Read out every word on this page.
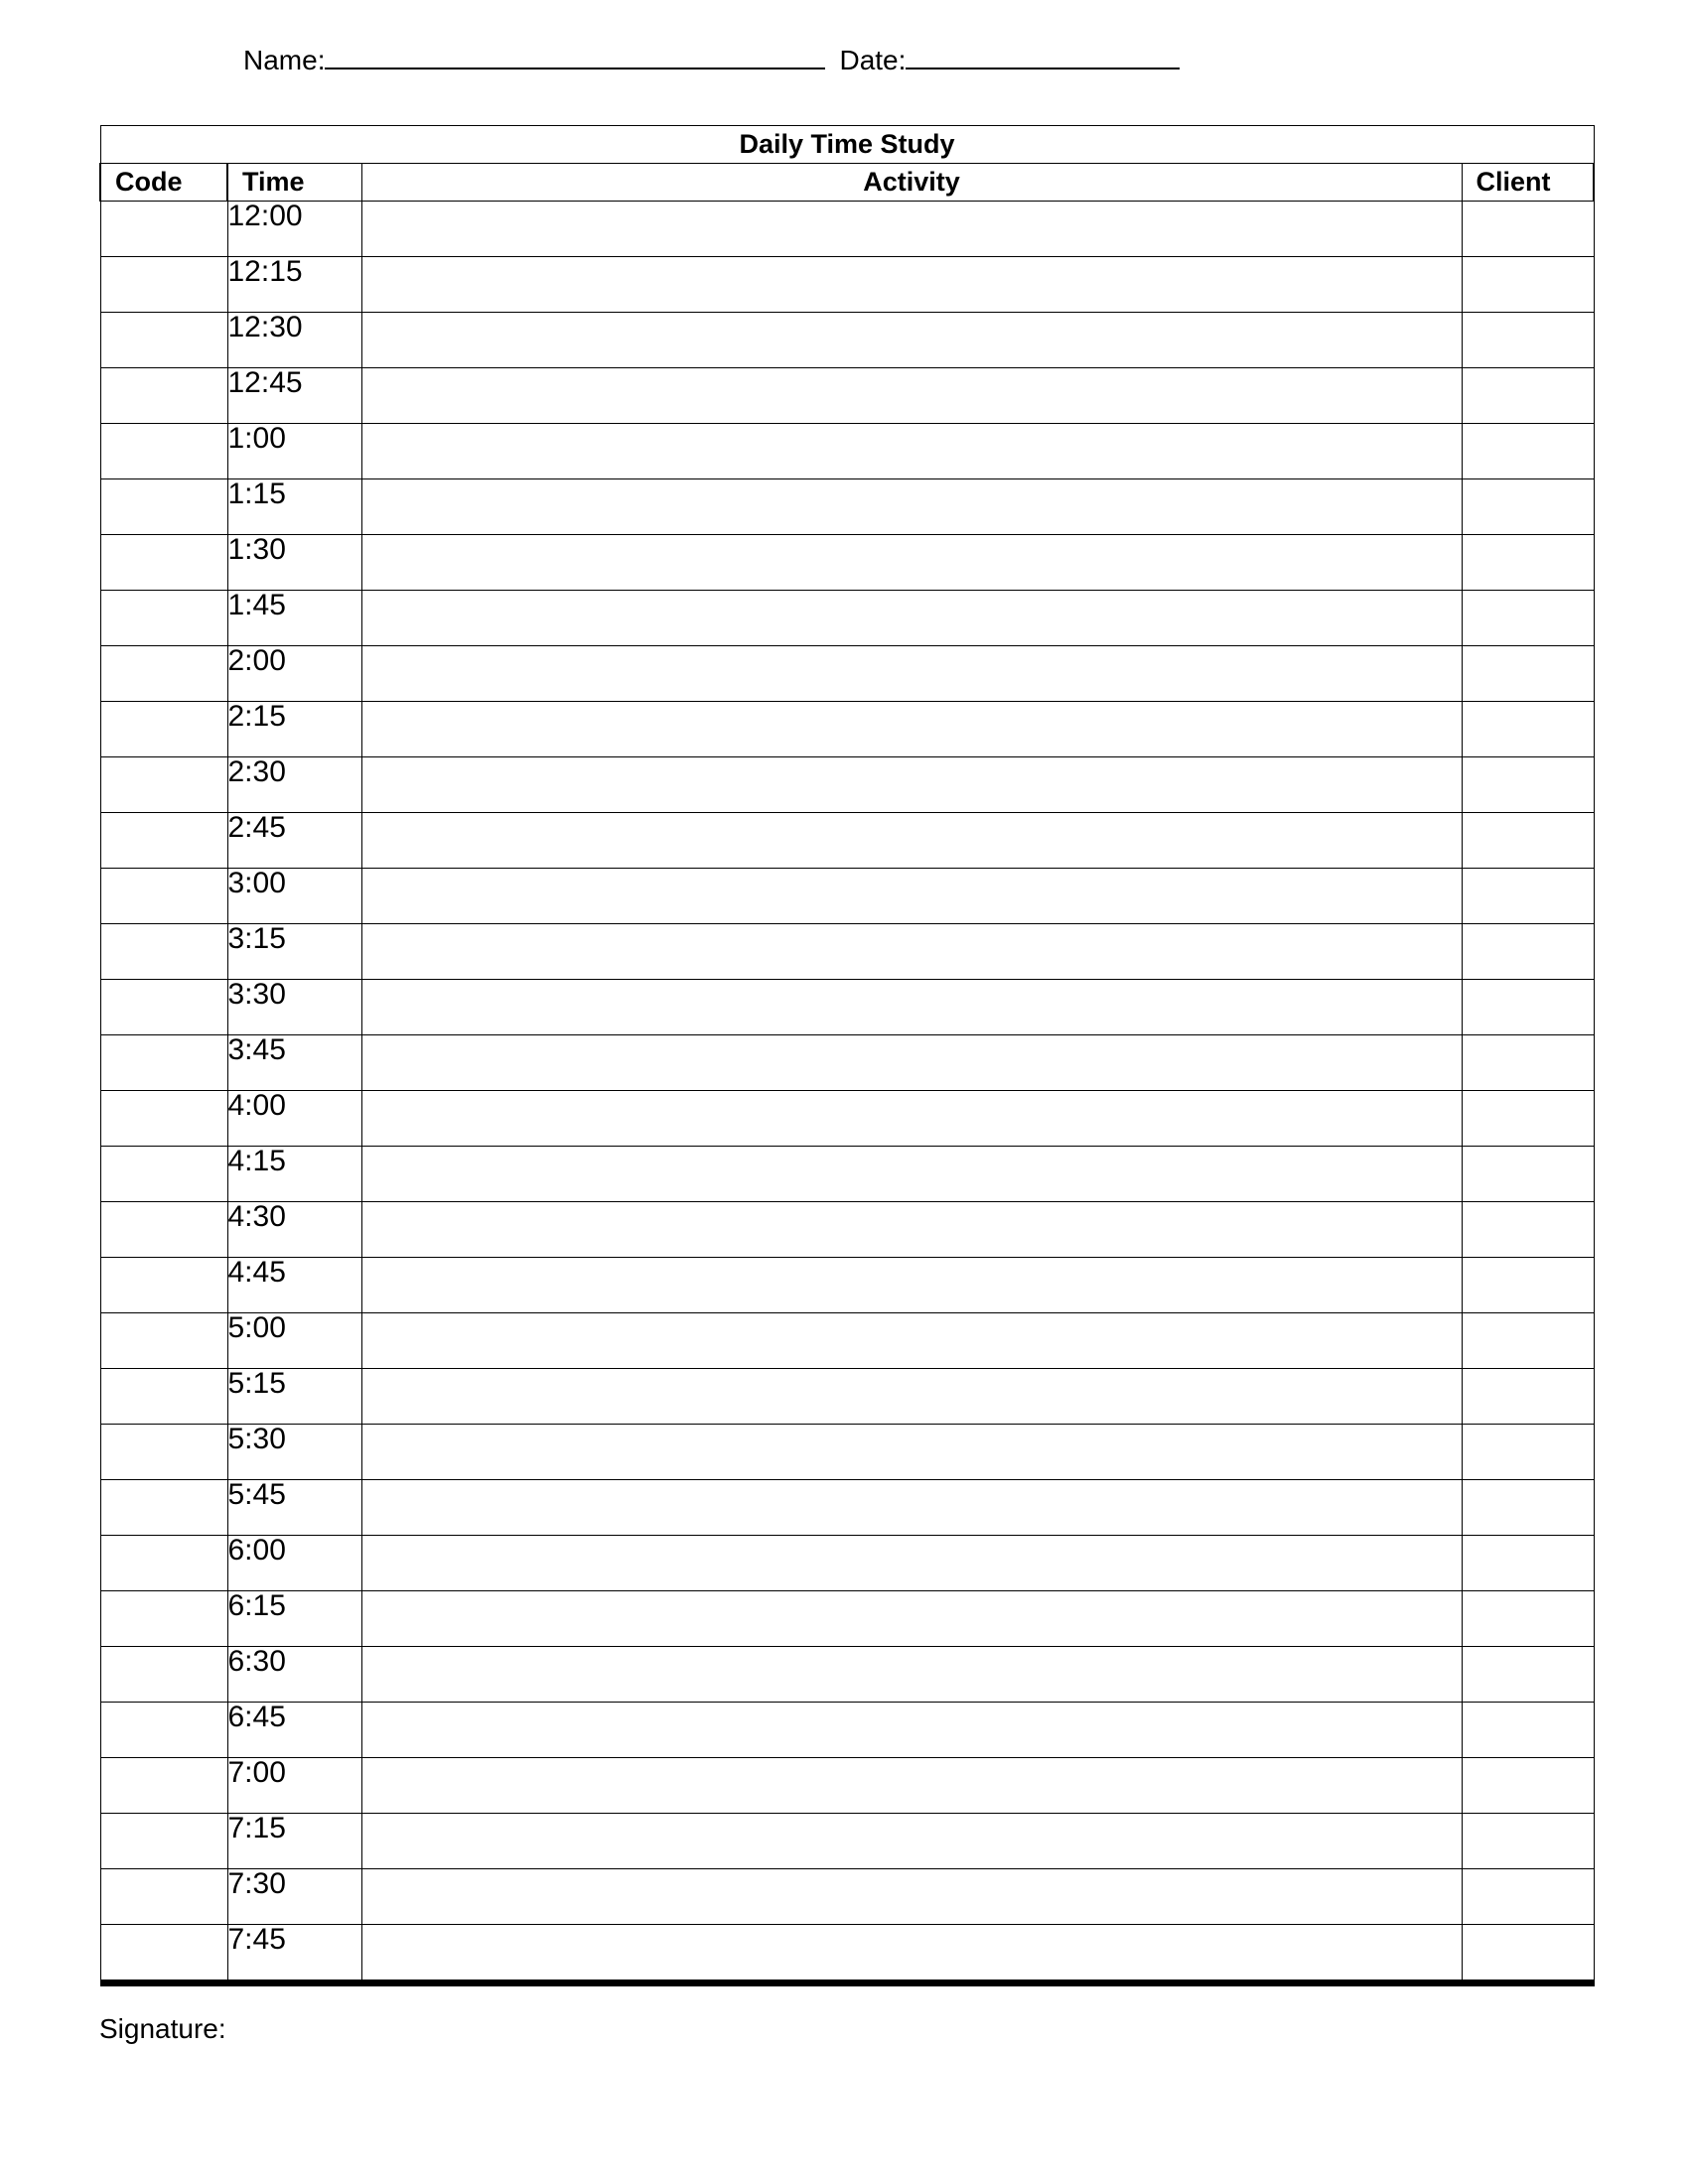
Name:	Date:
Daily Time Study			
Code	Time	Activity	Client
	12:00		
	12:15		
	12:30		
	12:45		
	1:00		
	1:15		
	1:30		
	1:45		
	2:00		
	2:15		
	2:30		
	2:45		
	3:00		
	3:15		
	3:30		
	3:45		
	4:00		
	4:15		
	4:30		
	4:45		
	5:00		
	5:15		
	5:30		
	5:45		
	6:00		
	6:15		
	6:30		
	6:45		
	7:00		
	7:15		
	7:30		
	7:45		
Signature:
